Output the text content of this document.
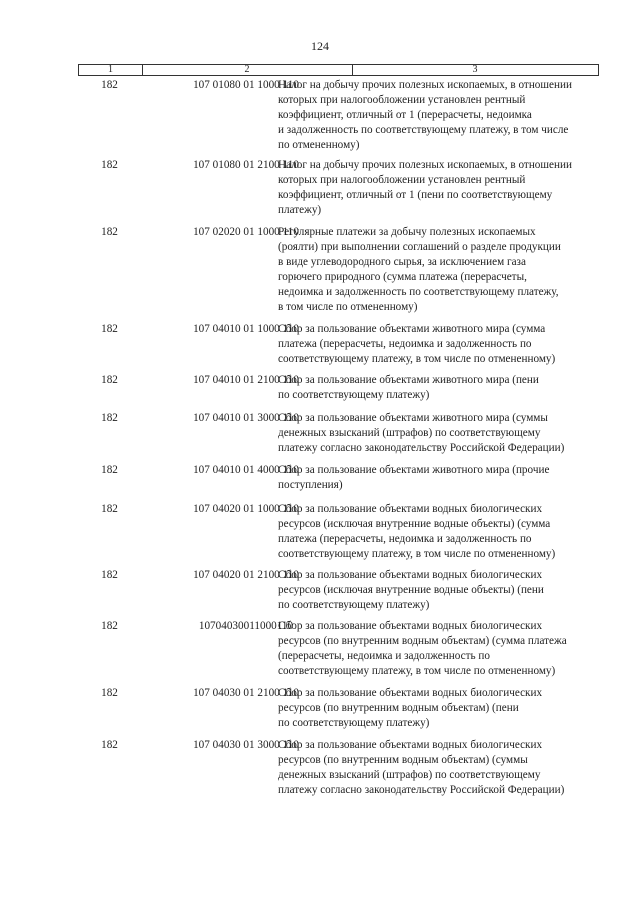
124
1	2	3
182	107 01080 01 1000 110
Налог на добычу прочих полезных ископаемых, в отношении
которых при налогообложении установлен рентный
коэффициент, отличный от 1 (перерасчеты, недоимка
и задолженность по соответствующему платежу, в том числе
по отмененному)
182	107 01080 01 2100 110
Налог на добычу прочих полезных ископаемых, в отношении
которых при налогообложении установлен рентный
коэффициент, отличный от 1 (пени по соответствующему
платежу)
182	107 02020 01 1000 110
Регулярные платежи за добычу полезных ископаемых
(роялти) при выполнении соглашений о разделе продукции
в виде углеводородного сырья, за исключением газа
горючего природного (сумма платежа (перерасчеты,
недоимка и задолженность по соответствующему платежу,
в том числе по отмененному)
182	107 04010 01 1000 110
Сбор за пользование объектами животного мира (сумма
платежа (перерасчеты, недоимка и задолженность по
соответствующему платежу, в том числе по отмененному)
182	107 04010 01 2100 110
Сбор за пользование объектами животного мира (пени
по соответствующему платежу)
182	107 04010 01 3000 110
Сбор за пользование объектами животного мира (суммы
денежных взысканий (штрафов) по соответствующему
платежу согласно законодательству Российской Федерации)
182	107 04010 01 4000 110
Сбор за пользование объектами животного мира (прочие
поступления)
182	107 04020 01 1000 110
Сбор за пользование объектами водных биологических
ресурсов (исключая внутренние водные объекты) (сумма
платежа (перерасчеты, недоимка и задолженность по
соответствующему платежу, в том числе по отмененному)
182	107 04020 01 2100 110
Сбор за пользование объектами водных биологических
ресурсов (исключая внутренние водные объекты) (пени
по соответствующему платежу)
182	10704030011000110
Сбор за пользование объектами водных биологических
ресурсов (по внутренним водным объектам) (сумма платежа
(перерасчеты, недоимка и задолженность по
соответствующему платежу, в том числе по отмененному)
182	107 04030 01 2100 110
Сбор за пользование объектами водных биологических
ресурсов (по внутренним водным объектам) (пени
по соответствующему платежу)
182	107 04030 01 3000 110
Сбор за пользование объектами водных биологических
ресурсов (по внутренним водным объектам) (суммы
денежных взысканий (штрафов) по соответствующему
платежу согласно законодательству Российской Федерации)
